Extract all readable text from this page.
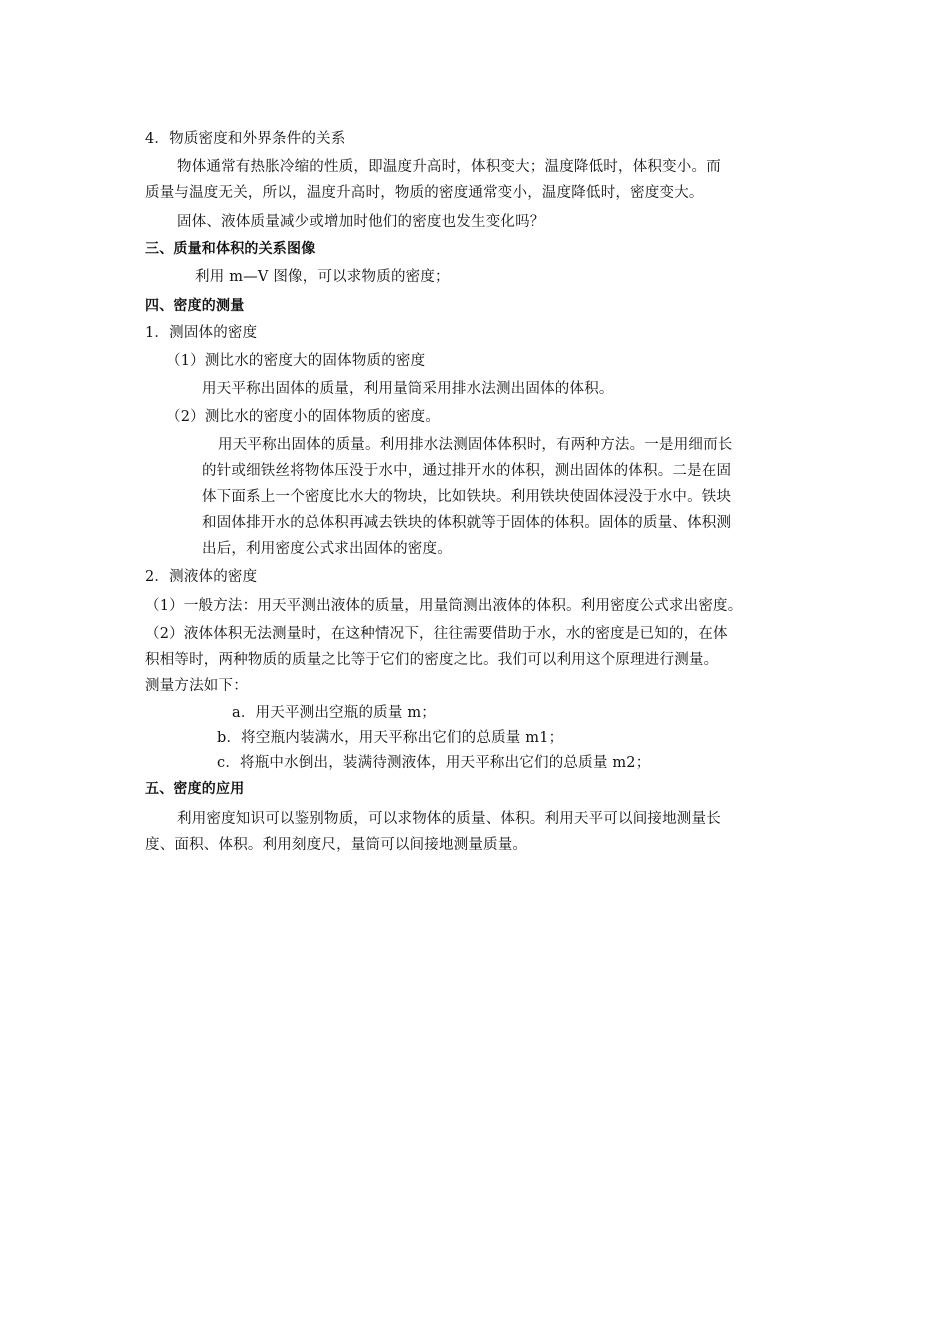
4．物质密度和外界条件的关系
物体通常有热胀冷缩的性质，即温度升高时，体积变大；温度降低时，体积变小。而
质量与温度无关，所以，温度升高时，物质的密度通常变小，温度降低时，密度变大。
固体、液体质量减少或增加时他们的密度也发生变化吗？
三、质量和体积的关系图像
利用 m—V 图像，可以求物质的密度；
四、密度的测量
1．测固体的密度
（1）测比水的密度大的固体物质的密度
用天平称出固体的质量，利用量筒采用排水法测出固体的体积。
（2）测比水的密度小的固体物质的密度。
用天平称出固体的质量。利用排水法测固体体积时，有两种方法。一是用细而长
的针或细铁丝将物体压没于水中，通过排开水的体积，测出固体的体积。二是在固
体下面系上一个密度比水大的物块，比如铁块。利用铁块使固体浸没于水中。铁块
和固体排开水的总体积再减去铁块的体积就等于固体的体积。固体的质量、体积测
出后，利用密度公式求出固体的密度。
2．测液体的密度
（1）一般方法：用天平测出液体的质量，用量筒测出液体的体积。利用密度公式求出密度。
（2）液体体积无法测量时，在这种情况下，往往需要借助于水，水的密度是已知的，在体
积相等时，两种物质的质量之比等于它们的密度之比。我们可以利用这个原理进行测量。
测量方法如下：
a．用天平测出空瓶的质量 m；
b．将空瓶内装满水，用天平称出它们的总质量 m1；
c．将瓶中水倒出，装满待测液体，用天平称出它们的总质量 m2；
五、密度的应用
利用密度知识可以鉴别物质，可以求物体的质量、体积。利用天平可以间接地测量长
度、面积、体积。利用刻度尺，量筒可以间接地测量质量。
